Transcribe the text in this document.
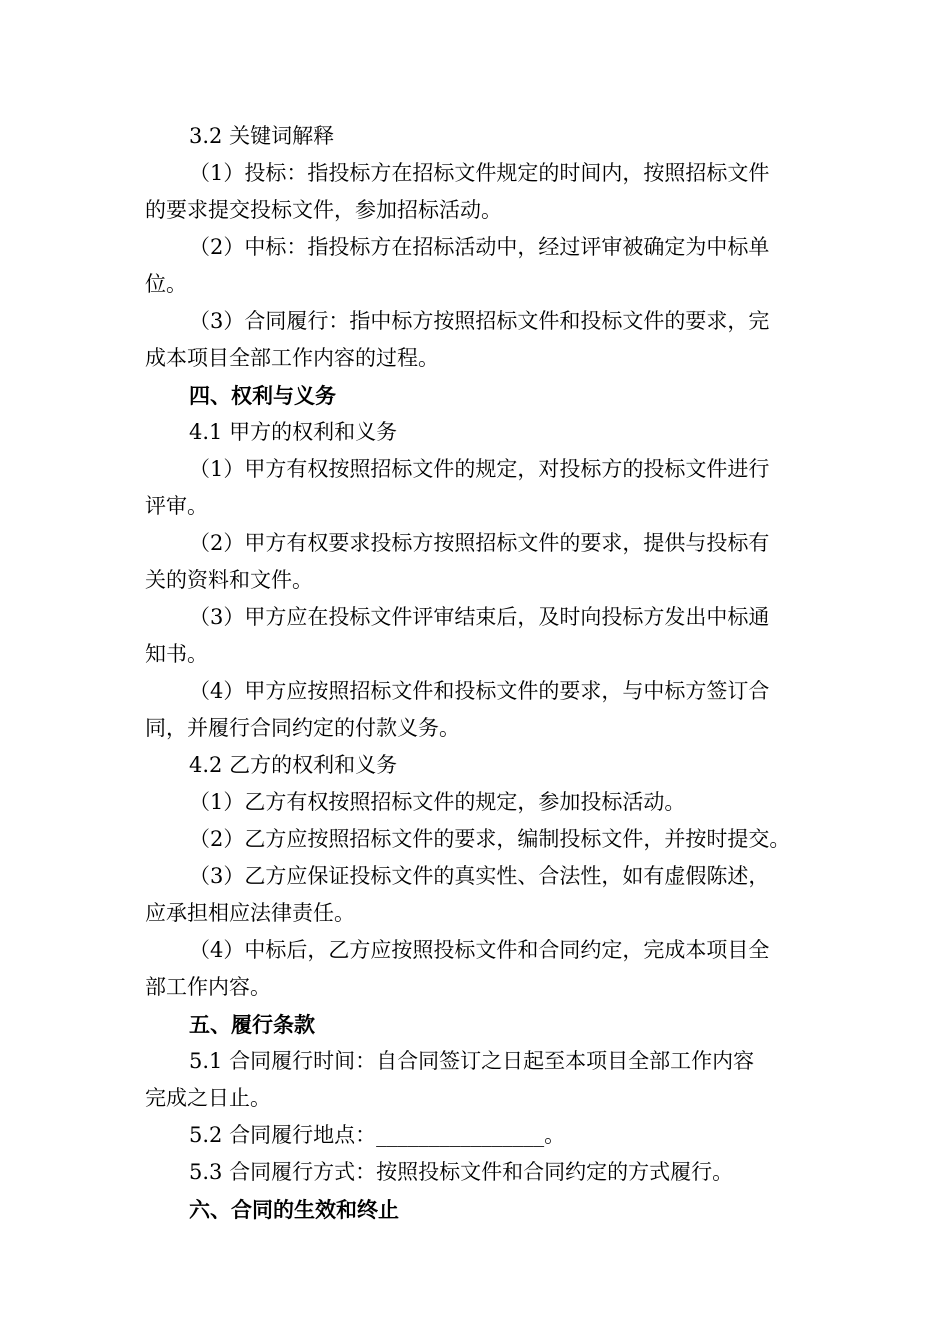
3.2 关键词解释
（1）投标：指投标方在招标文件规定的时间内，按照招标文件
的要求提交投标文件，参加招标活动。
（2）中标：指投标方在招标活动中，经过评审被确定为中标单
位。
（3）合同履行：指中标方按照招标文件和投标文件的要求，完
成本项目全部工作内容的过程。
四、权利与义务
4.1 甲方的权利和义务
（1）甲方有权按照招标文件的规定，对投标方的投标文件进行
评审。
（2）甲方有权要求投标方按照招标文件的要求，提供与投标有
关的资料和文件。
（3）甲方应在投标文件评审结束后，及时向投标方发出中标通
知书。
（4）甲方应按照招标文件和投标文件的要求，与中标方签订合
同，并履行合同约定的付款义务。
4.2 乙方的权利和义务
（1）乙方有权按照招标文件的规定，参加投标活动。
（2）乙方应按照招标文件的要求，编制投标文件，并按时提交。
（3）乙方应保证投标文件的真实性、合法性，如有虚假陈述，
应承担相应法律责任。
（4）中标后，乙方应按照投标文件和合同约定，完成本项目全
部工作内容。
五、履行条款
5.1 合同履行时间：自合同签订之日起至本项目全部工作内容
完成之日止。
5.2 合同履行地点：________________。
5.3 合同履行方式：按照投标文件和合同约定的方式履行。
六、合同的生效和终止
